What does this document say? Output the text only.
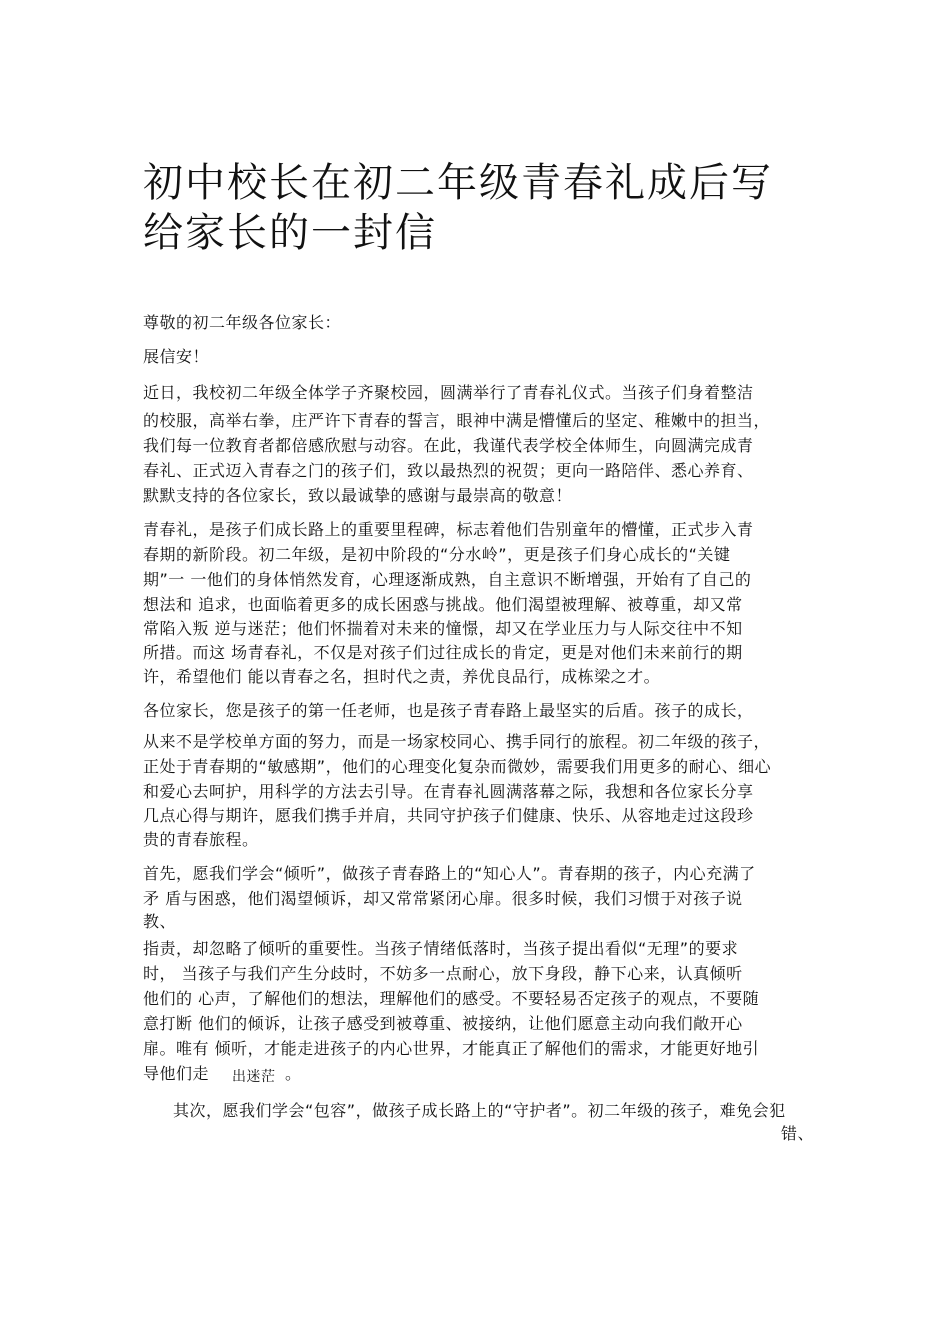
初中校长在初二年级青春礼成后写
给家长的一封信
尊敬的初二年级各位家长：
展信安！
近日，我校初二年级全体学子齐聚校园，圆满举行了青春礼仪式。当孩子们身着整洁
的校服，高举右拳，庄严许下青春的誓言，眼神中满是懵懂后的坚定、稚嫩中的担当，
我们每一位教育者都倍感欣慰与动容。在此，我谨代表学校全体师生，向圆满完成青
春礼、正式迈入青春之门的孩子们，致以最热烈的祝贺；更向一路陪伴、悉心养育、
默默支持的各位家长，致以最诚挚的感谢与最崇高的敬意！
青春礼，是孩子们成长路上的重要里程碑，标志着他们告别童年的懵懂，正式步入青
春期的新阶段。初二年级，是初中阶段的“分水岭”，更是孩子们身心成长的“关键
期”一 一他们的身体悄然发育，心理逐渐成熟，自主意识不断增强，开始有了自己的
想法和 追求，也面临着更多的成长困惑与挑战。他们渴望被理解、被尊重，却又常
常陷入叛 逆与迷茫；他们怀揣着对未来的憧憬，却又在学业压力与人际交往中不知
所措。而这 场青春礼，不仅是对孩子们过往成长的肯定，更是对他们未来前行的期
许，希望他们 能以青春之名，担时代之责，养优良品行，成栋梁之才。
各位家长，您是孩子的第一任老师，也是孩子青春路上最坚实的后盾。孩子的成长，
从来不是学校单方面的努力，而是一场家校同心、携手同行的旅程。初二年级的孩子，
正处于青春期的“敏感期”，他们的心理变化复杂而微妙，需要我们用更多的耐心、细心
和爱心去呵护，用科学的方法去引导。在青春礼圆满落幕之际，我想和各位家长分享
几点心得与期许，愿我们携手并肩，共同守护孩子们健康、快乐、从容地走过这段珍
贵的青春旅程。
首先，愿我们学会“倾听”，做孩子青春路上的“知心人”。青春期的孩子，内心充满了
矛 盾与困惑，他们渴望倾诉，却又常常紧闭心扉。很多时候，我们习惯于对孩子说
教、
指责，却忽略了倾听的重要性。当孩子情绪低落时，当孩子提出看似“无理”的要求
时， 当孩子与我们产生分歧时，不妨多一点耐心，放下身段，静下心来，认真倾听
他们的 心声，了解他们的想法，理解他们的感受。不要轻易否定孩子的观点，不要随
意打断 他们的倾诉，让孩子感受到被尊重、被接纳，让他们愿意主动向我们敞开心
扉。唯有 倾听，才能走进孩子的内心世界，才能真正了解他们的需求，才能更好地引
导他们走 出迷茫 。
其次，愿我们学会“包容”，做孩子成长路上的“守护者”。初二年级的孩子，难免会犯
错、
